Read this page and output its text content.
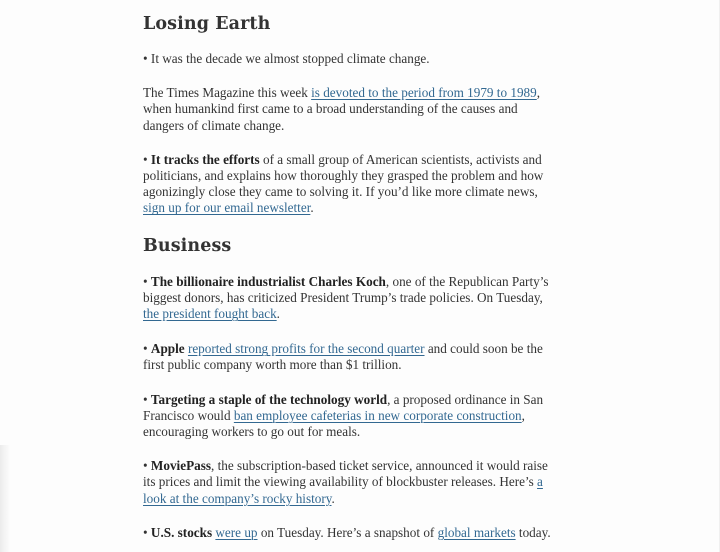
Losing Earth

• It was the decade we almost stopped climate change.

The Times Magazine this week is devoted to the period from 1979 to 1989, when humankind first came to a broad understanding of the causes and dangers of climate change.

• It tracks the efforts of a small group of American scientists, activists and politicians, and explains how thoroughly they grasped the problem and how agonizingly close they came to solving it. If you’d like more climate news, sign up for our email newsletter.

Business

• The billionaire industrialist Charles Koch, one of the Republican Party’s biggest donors, has criticized President Trump’s trade policies. On Tuesday, the president fought back.

• Apple reported strong profits for the second quarter and could soon be the first public company worth more than $1 trillion.

• Targeting a staple of the technology world, a proposed ordinance in San Francisco would ban employee cafeterias in new corporate construction, encouraging workers to go out for meals.

• MoviePass, the subscription-based ticket service, announced it would raise its prices and limit the viewing availability of blockbuster releases. Here’s a look at the company’s rocky history.

• U.S. stocks were up on Tuesday. Here’s a snapshot of global markets today.
